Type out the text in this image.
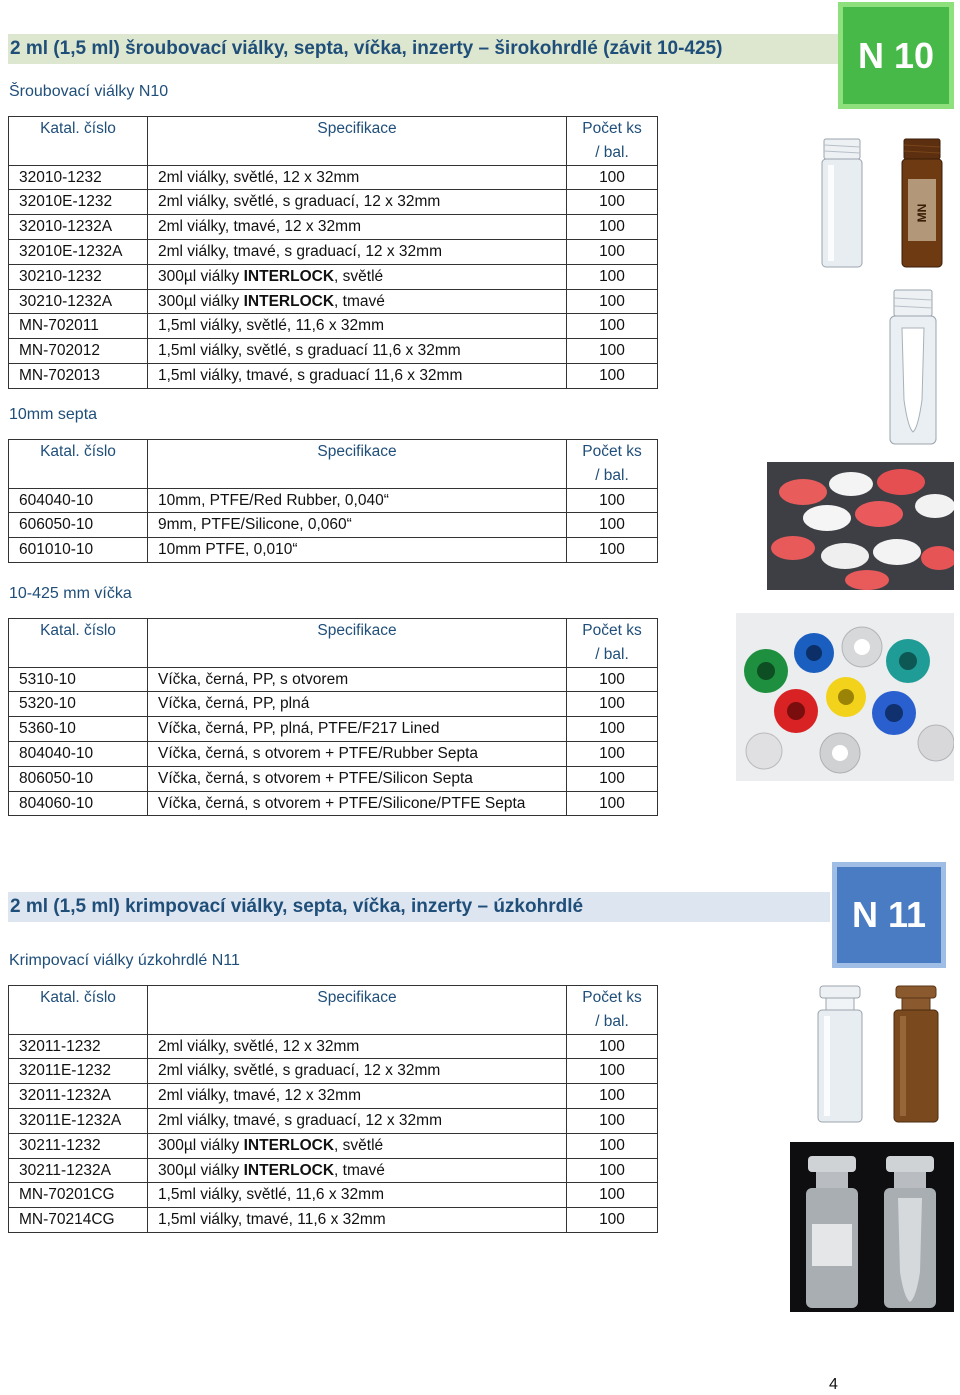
2 ml (1,5 ml) šroubovací viálky, septa, víčka, inzerty – širokohrdlé (závit 10-425)	N 10
Šroubovací viálky N10
Katal. číslo	Specifikace	Počet ks
/ bal.

32010-1232	2ml viálky, světlé, 12 x 32mm	100
32010E-1232	2ml viálky, světlé, s graduací, 12 x 32mm	100
32010-1232A	2ml viálky, tmavé, 12 x 32mm	100
32010E-1232A	2ml viálky, tmavé, s graduací, 12 x 32mm	100
30210-1232	300µl viálky INTERLOCK, světlé	100
30210-1232A	300µl viálky INTERLOCK, tmavé	100
MN-702011	1,5ml viálky, světlé, 11,6 x 32mm	100
MN-702012	1,5ml viálky, světlé, s graduací 11,6 x 32mm	100
MN-702013	1,5ml viálky, tmavé, s graduací 11,6 x 32mm	100
10mm septa
Katal. číslo	Specifikace	Počet ks
/ bal.

604040-10	10mm, PTFE/Red Rubber, 0,040“	100
606050-10	9mm, PTFE/Silicone, 0,060“	100
601010-10	10mm PTFE, 0,010“	100
10-425 mm víčka
Katal. číslo	Specifikace	Počet ks
/ bal.

5310-10	Víčka, černá, PP, s otvorem	100
5320-10	Víčka, černá, PP, plná	100
5360-10	Víčka, černá, PP, plná, PTFE/F217 Lined	100
804040-10	Víčka, černá, s otvorem + PTFE/Rubber Septa	100
806050-10	Víčka, černá, s otvorem + PTFE/Silicon Septa	100
804060-10	Víčka, černá, s otvorem + PTFE/Silicone/PTFE Septa	100
MN
2 ml (1,5 ml) krimpovací viálky, septa, víčka, inzerty – úzkohrdlé	N 11
Krimpovací viálky úzkohrdlé N11
Katal. číslo	Specifikace	Počet ks
/ bal.

32011-1232	2ml viálky, světlé, 12 x 32mm	100
32011E-1232	2ml viálky, světlé, s graduací, 12 x 32mm	100
32011-1232A	2ml viálky, tmavé, 12 x 32mm	100
32011E-1232A	2ml viálky, tmavé, s graduací, 12 x 32mm	100
30211-1232	300µl viálky INTERLOCK, světlé	100
30211-1232A	300µl viálky INTERLOCK, tmavé	100
MN-70201CG	1,5ml viálky, světlé, 11,6 x 32mm	100
MN-70214CG	1,5ml viálky, tmavé, 11,6 x 32mm	100
4
